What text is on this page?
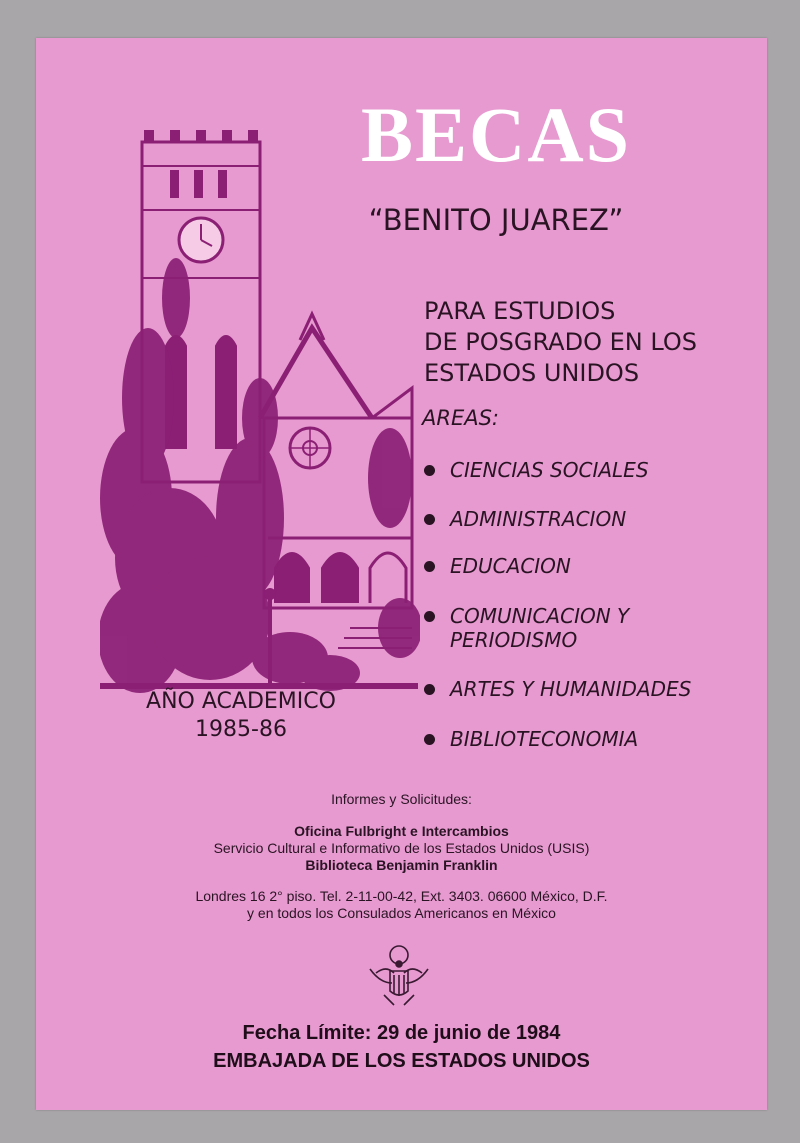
BECAS
“BENITO JUAREZ”
PARA ESTUDIOS
DE POSGRADO EN LOS
ESTADOS UNIDOS
AREAS:
CIENCIAS SOCIALES
ADMINISTRACION
EDUCACION
COMUNICACION Y
PERIODISMO
ARTES Y HUMANIDADES
BIBLIOTECONOMIA
AÑO ACADEMICO
1985-86
Informes y Solicitudes:
Oficina Fulbright e Intercambios
Servicio Cultural e Informativo de los Estados Unidos (USIS)
Biblioteca Benjamin Franklin
Londres 16 2° piso. Tel. 2-11-00-42, Ext. 3403. 06600 México, D.F.
y en todos los Consulados Americanos en México
Fecha Límite: 29 de junio de 1984
EMBAJADA DE LOS ESTADOS UNIDOS
